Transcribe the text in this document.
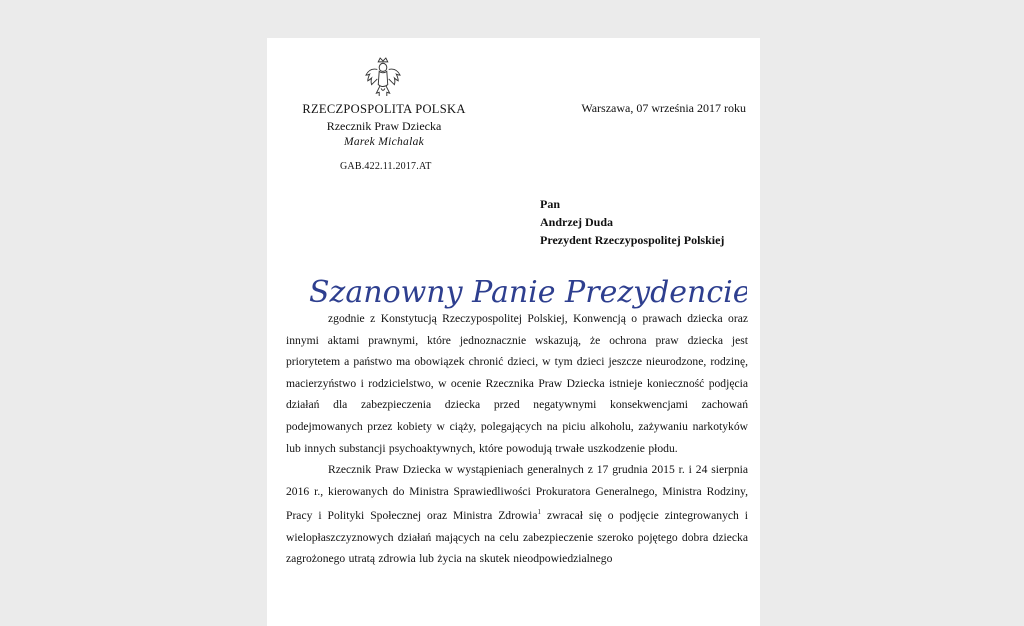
RZECZPOSPOLITA POLSKA
Rzecznik Praw Dziecka
Marek Michalak
GAB.422.11.2017.AT
Warszawa, 07 września 2017 roku
Pan
Andrzej Duda
Prezydent Rzeczypospolitej Polskiej
Szanowny Panie Prezydencie,

zgodnie z Konstytucją Rzeczypospolitej Polskiej, Konwencją o prawach dziecka oraz innymi aktami prawnymi, które jednoznacznie wskazują, że ochrona praw dziecka jest priorytetem a państwo ma obowiązek chronić dzieci, w tym dzieci jeszcze nieurodzone, rodzinę, macierzyństwo i rodzicielstwo, w ocenie Rzecznika Praw Dziecka istnieje konieczność podjęcia działań dla zabezpieczenia dziecka przed negatywnymi konsekwencjami zachowań podejmowanych przez kobiety w ciąży, polegających na piciu alkoholu, zażywaniu narkotyków lub innych substancji psychoaktywnych, które powodują trwałe uszkodzenie płodu.

Rzecznik Praw Dziecka w wystąpieniach generalnych z 17 grudnia 2015 r. i 24 sierpnia 2016 r., kierowanych do Ministra Sprawiedliwości Prokuratora Generalnego, Ministra Rodziny, Pracy i Polityki Społecznej oraz Ministra Zdrowia$^1$ zwracał się o podjęcie zintegrowanych i wielopłaszczyznowych działań mających na celu zabezpieczenie szeroko pojętego dobra dziecka zagrożonego utratą zdrowia lub życia na skutek nieodpowiedzialnego
